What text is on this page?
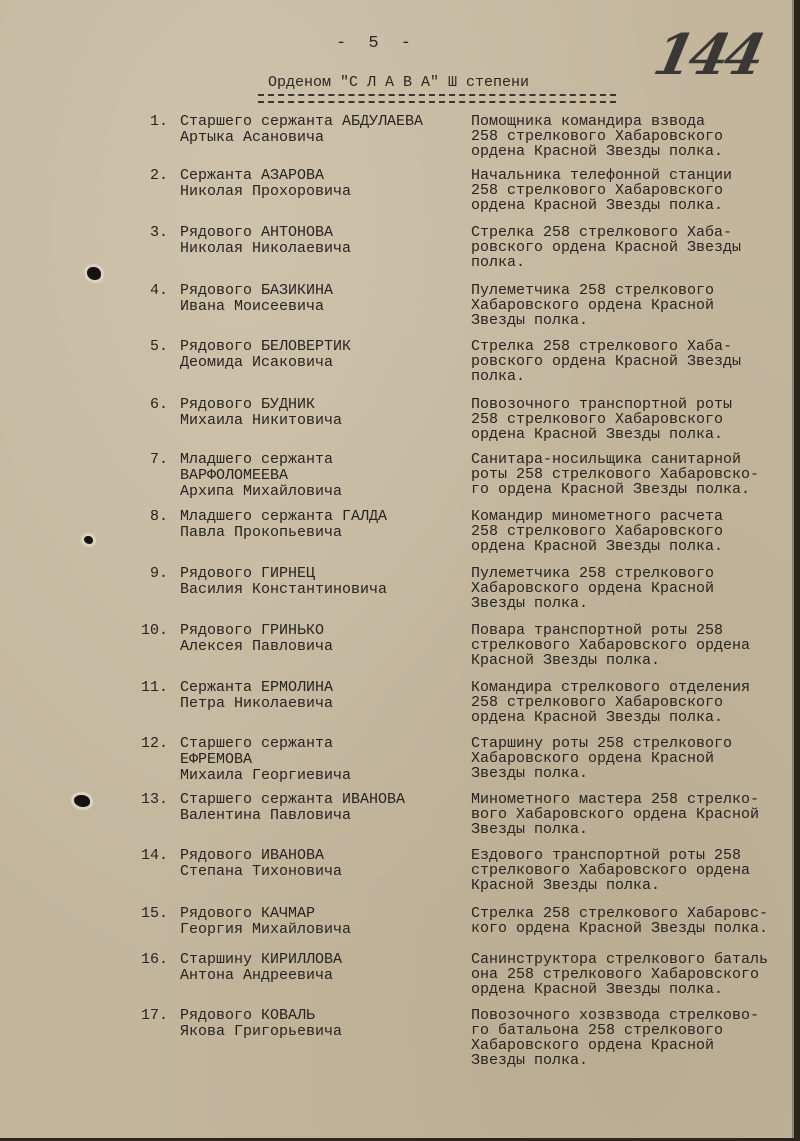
- 5 -	144
Орденом "С Л А В А" Ш степени
1. Старшего сержанта АБДУЛАЕВА
Артыка Асановича
Помощника командира взвода
258 стрелкового Хабаровского
ордена Красной Звезды полка.
2. Сержанта АЗАРОВА
Николая Прохоровича
Начальника телефонной станции
258 стрелкового Хабаровского
ордена Красной Звезды полка.
3. Рядового АНТОНОВА
Николая Николаевича
Стрелка 258 стрелкового Хаба-
ровского ордена Красной Звезды
полка.
4. Рядового БАЗИКИНА
Ивана Моисеевича
Пулеметчика 258 стрелкового
Хабаровского ордена Красной
Звезды полка.
5. Рядового БЕЛОВЕРТИК
Деомида Исаковича
Стрелка 258 стрелкового Хаба-
ровского ордена Красной Звезды
полка.
6. Рядового БУДНИК
Михаила Никитовича
Повозочного транспортной роты
258 стрелкового Хабаровского
ордена Красной Звезды полка.
7. Младшего сержанта
ВАРФОЛОМЕЕВА
Архипа Михайловича
Санитара-носильщика санитарной
роты 258 стрелкового Хабаровско-
го ордена Красной Звезды полка.
8. Младшего сержанта ГАЛДА
Павла Прокопьевича
Командир минометного расчета
258 стрелкового Хабаровского
ордена Красной Звезды полка.
9. Рядового ГИРНЕЦ
Василия Константиновича
Пулеметчика 258 стрелкового
Хабаровского ордена Красной
Звезды полка.
10. Рядового ГРИНЬКО
Алексея Павловича
Повара транспортной роты 258
стрелкового Хабаровского ордена
Красной Звезды полка.
11. Сержанта ЕРМОЛИНА
Петра Николаевича
Командира стрелкового отделения
258 стрелкового Хабаровского
ордена Красной Звезды полка.
12. Старшего сержанта
ЕФРЕМОВА
Михаила Георгиевича
Старшину роты 258 стрелкового
Хабаровского ордена Красной
Звезды полка.
13. Старшего сержанта ИВАНОВА
Валентина Павловича
Минометного мастера 258 стрелко-
вого Хабаровского ордена Красной
Звезды полка.
14. Рядового ИВАНОВА
Степана Тихоновича
Ездового транспортной роты 258
стрелкового Хабаровского ордена
Красной Звезды полка.
15. Рядового КАЧМАР
Георгия Михайловича
Стрелка 258 стрелкового Хабаровс-
кого ордена Красной Звезды полка.
16. Старшину КИРИЛЛОВА
Антона Андреевича
Санинструктора стрелкового баталь
она 258 стрелкового Хабаровского
ордена Красной Звезды полка.
17. Рядового КОВАЛЬ
Якова Григорьевича
Повозочного хозвзвода стрелково-
го батальона 258 стрелкового
Хабаровского ордена Красной
Звезды полка.
